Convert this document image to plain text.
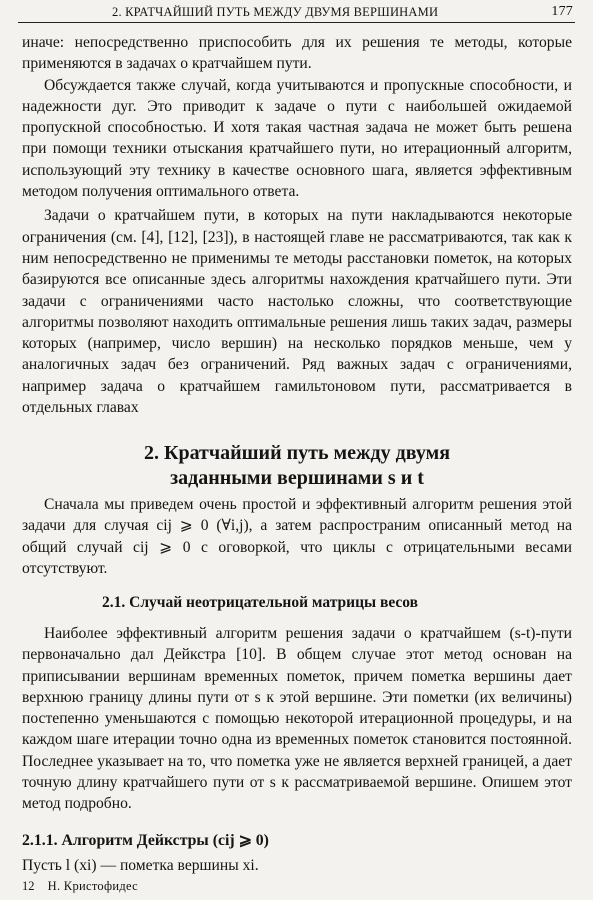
2. КРАТЧАЙШИЙ ПУТЬ МЕЖДУ ДВУМЯ ВЕРШИНАМИ	177

иначе: непосредственно приспособить для их решения те методы, которые применяются в задачах о кратчайшем пути.

Обсуждается также случай, когда учитываются и пропускные способности, и надежности дуг. Это приводит к задаче о пути с наибольшей ожидаемой пропускной способностью. И хотя такая частная задача не может быть решена при помощи техники отыскания кратчайшего пути, но итерационный алгоритм, использующий эту технику в качестве основного шага, является эффективным методом получения оптимального ответа.

Задачи о кратчайшем пути, в которых на пути накладываются некоторые ограничения (см. [4], [12], [23]), в настоящей главе не рассматриваются, так как к ним непосредственно не применимы те методы расстановки пометок, на которых базируются все описанные здесь алгоритмы нахождения кратчайшего пути. Эти задачи с ограничениями часто настолько сложны, что соответствующие алгоритмы позволяют находить оптимальные решения лишь таких задач, размеры которых (например, число вершин) на несколько порядков меньше, чем у аналогичных задач без ограничений. Ряд важных задач с ограничениями, например задача о кратчайшем гамильтоновом пути, рассматривается в отдельных главах

2. Кратчайший путь между двумя
заданными вершинами s и t

Сначала мы приведем очень простой и эффективный алгоритм решения этой задачи для случая cij ⩾ 0 (∀i,j), а затем распространим описанный метод на общий случай cij ⩾ 0 с оговоркой, что циклы с отрицательными весами отсутствуют.

2.1. Случай неотрицательной матрицы весов

Наиболее эффективный алгоритм решения задачи о кратчайшем (s-t)-пути первоначально дал Дейкстра [10]. В общем случае этот метод основан на приписывании вершинам временных пометок, причем пометка вершины дает верхнюю границу длины пути от s к этой вершине. Эти пометки (их величины) постепенно уменьшаются с помощью некоторой итерационной процедуры, и на каждом шаге итерации точно одна из временных пометок становится постоянной. Последнее указывает на то, что пометка уже не является верхней границей, а дает точную длину кратчайшего пути от s к рассматриваемой вершине. Опишем этот метод подробно.

2.1.1. Алгоритм Дейкстры (cij ⩾ 0)

Пусть l (xi) — пометка вершины xi.

12 Н. Кристофидес
